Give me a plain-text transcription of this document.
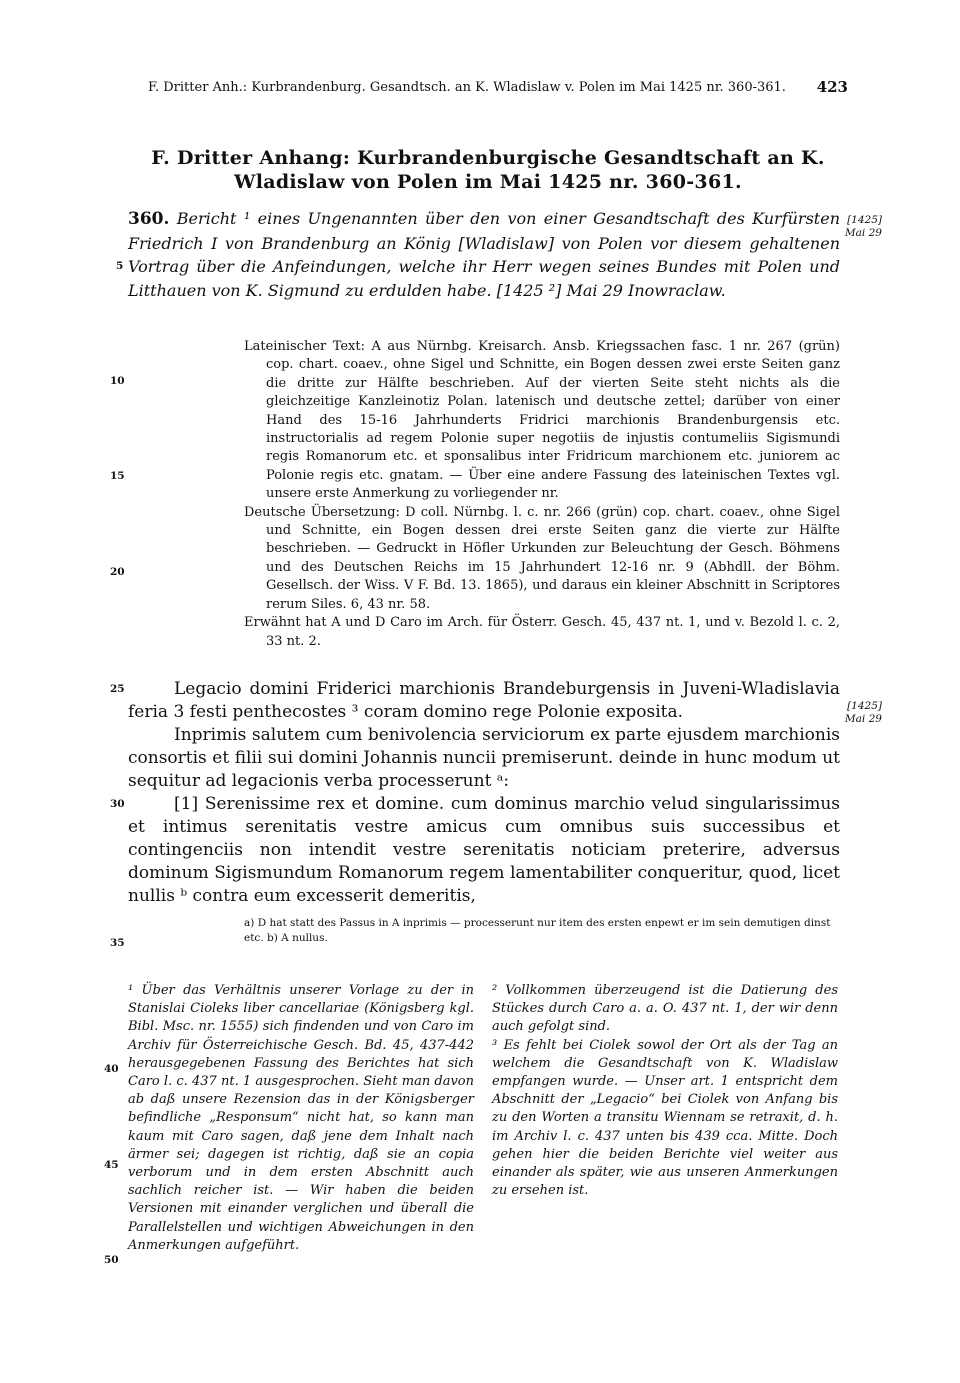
F. Dritter Anh.: Kurbrandenburg. Gesandtsch. an K. Wladislaw v. Polen im Mai 1425 nr. 360-361. 423
F. Dritter Anhang: Kurbrandenburgische Gesandtschaft an K. Wladislaw von Polen im Mai 1425 nr. 360-361.
360. Bericht ¹ eines Ungenannten über den von einer Gesandtschaft des Kurfürsten Friedrich I von Brandenburg an König [Wladislaw] von Polen vor diesem gehaltenen Vortrag über die Anfeindungen, welche ihr Herr wegen seines Bundes mit Polen und Litthauen von K. Sigmund zu erdulden habe. [1425 ²] Mai 29 Inowraclaw.
[1425]
Mai 29

Lateinischer Text: A aus Nürnbg. Kreisarch. Ansb. Kriegssachen fasc. 1 nr. 267 (grün) cop. chart. coaev., ohne Sigel und Schnitte, ein Bogen dessen zwei erste Seiten ganz die dritte zur Hälfte beschrieben. Auf der vierten Seite steht nichts als die gleichzeitige Kanzleinotiz Polan. latenisch und deutsche zettel; darüber von einer Hand des 15-16 Jahrhunderts Fridrici marchionis Brandenburgensis etc. instructorialis ad regem Polonie super negotiis de injustis contumeliis Sigismundi regis Romanorum etc. et sponsalibus inter Fridricum marchionem etc. juniorem ac Polonie regis etc. gnatam. — Über eine andere Fassung des lateinischen Textes vgl. unsere erste Anmerkung zu vorliegender nr.

Deutsche Übersetzung: D coll. Nürnbg. l. c. nr. 266 (grün) cop. chart. coaev., ohne Sigel und Schnitte, ein Bogen dessen drei erste Seiten ganz die vierte zur Hälfte beschrieben. — Gedruckt in Höfler Urkunden zur Beleuchtung der Gesch. Böhmens und des Deutschen Reichs im 15 Jahrhundert 12-16 nr. 9 (Abhdll. der Böhm. Gesellsch. der Wiss. V F. Bd. 13. 1865), und daraus ein kleiner Abschnitt in Scriptores rerum Siles. 6, 43 nr. 58.

Erwähnt hat A und D Caro im Arch. für Österr. Gesch. 45, 437 nt. 1, und v. Bezold l. c. 2, 33 nt. 2.

Legacio domini Friderici marchionis Brandeburgensis in Juveni-Wladislavia feria 3 festi penthecostes ³ coram domino rege Polonie exposita.

Inprimis salutem cum benivolencia serviciorum ex parte ejusdem marchionis consortis et filii sui domini Johannis nuncii premiserunt. deinde in hunc modum ut sequitur ad legacionis verba processerunt ᵃ:

[1] Serenissime rex et domine. cum dominus marchio velud singularissimus et intimus serenitatis vestre amicus cum omnibus suis successibus et contingenciis non intendit vestre serenitatis noticiam preterire, adversus dominum Sigismundum Romanorum regem lamentabiliter conqueritur, quod, licet nullis ᵇ contra eum excesserit demeritis,

[1425]
Mai 29
a) D hat statt des Passus in A inprimis — processerunt nur item des ersten enpewt er im sein demutigen dinst etc. b) A nullus.

¹ Über das Verhältnis unserer Vorlage zu der in Stanislai Cioleks liber cancellariae (Königsberg kgl. Bibl. Msc. nr. 1555) sich findenden und von Caro im Archiv für Österreichische Gesch. Bd. 45, 437-442 herausgegebenen Fassung des Berichtes hat sich Caro l. c. 437 nt. 1 ausgesprochen. Sieht man davon ab daß unsere Rezension das in der Königsberger befindliche „Responsum“ nicht hat, so kann man kaum mit Caro sagen, daß jene dem Inhalt nach ärmer sei; dagegen ist richtig, daß sie an copia verborum und in dem ersten Abschnitt auch sachlich reicher ist. — Wir haben die beiden Versionen mit einander verglichen und überall die Parallelstellen und wichtigen Abweichungen in den Anmerkungen aufgeführt.

² Vollkommen überzeugend ist die Datierung des Stückes durch Caro a. a. O. 437 nt. 1, der wir denn auch gefolgt sind.

³ Es fehlt bei Ciolek sowol der Ort als der Tag an welchem die Gesandtschaft von K. Wladislaw empfangen wurde. — Unser art. 1 entspricht dem Abschnitt der „Legacio“ bei Ciolek von Anfang bis zu den Worten a transitu Wiennam se retraxit, d. h. im Archiv l. c. 437 unten bis 439 cca. Mitte. Doch gehen hier die beiden Berichte viel weiter aus einander als später, wie aus unseren Anmerkungen zu ersehen ist.

5
10
15
20
25
30
35
40
45
50
